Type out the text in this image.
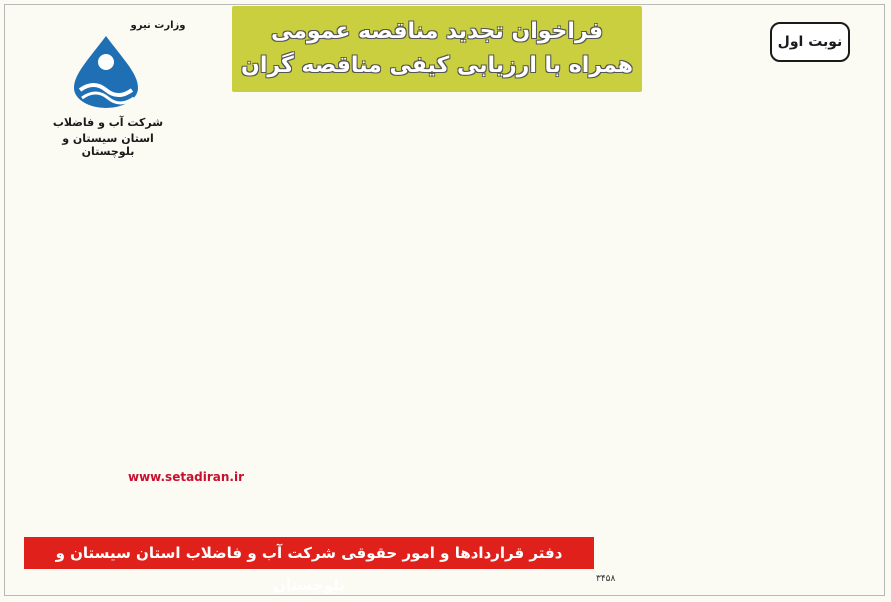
وزارت نیرو
شرکت آب و فاضلاب
استان سیستان و بلوچستان
فراخوان تجدید مناقصه عمومی
همراه با ارزیابی کیفی مناقصه گران
نوبت اول
www.setadiran.ir
دفتر قراردادها و امور حقوقی شرکت آب و فاضلاب استان سیستان و بلوچستان	۳۴۵۸
